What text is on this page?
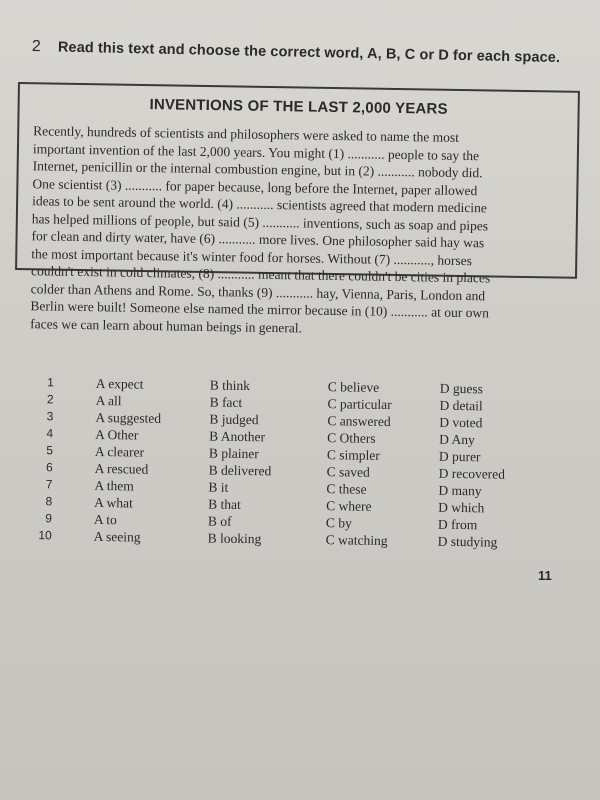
2 Read this text and choose the correct word, A, B, C or D for each space.
INVENTIONS OF THE LAST 2,000 YEARS
Recently, hundreds of scientists and philosophers were asked to name the most
important invention of the last 2,000 years. You might (1) ........... people to say the
Internet, penicillin or the internal combustion engine, but in (2) ........... nobody did.
One scientist (3) ........... for paper because, long before the Internet, paper allowed
ideas to be sent around the world. (4) ........... scientists agreed that modern medicine
has helped millions of people, but said (5) ........... inventions, such as soap and pipes
for clean and dirty water, have (6) ........... more lives. One philosopher said hay was
the most important because it's winter food for horses. Without (7) ..........., horses
couldn't exist in cold climates, (8) ........... meant that there couldn't be cities in places
colder than Athens and Rome. So, thanks (9) ........... hay, Vienna, Paris, London and
Berlin were built! Someone else named the mirror because in (10) ........... at our own
faces we can learn about human beings in general.
1	A expect	B think	C believe	D guess
2	A all	B fact	C particular	D detail
3	A suggested	B judged	C answered	D voted
4	A Other	B Another	C Others	D Any
5	A clearer	B plainer	C simpler	D purer
6	A rescued	B delivered	C saved	D recovered
7	A them	B it	C these	D many
8	A what	B that	C where	D which
9	A to	B of	C by	D from
10	A seeing	B looking	C watching	D studying
11
